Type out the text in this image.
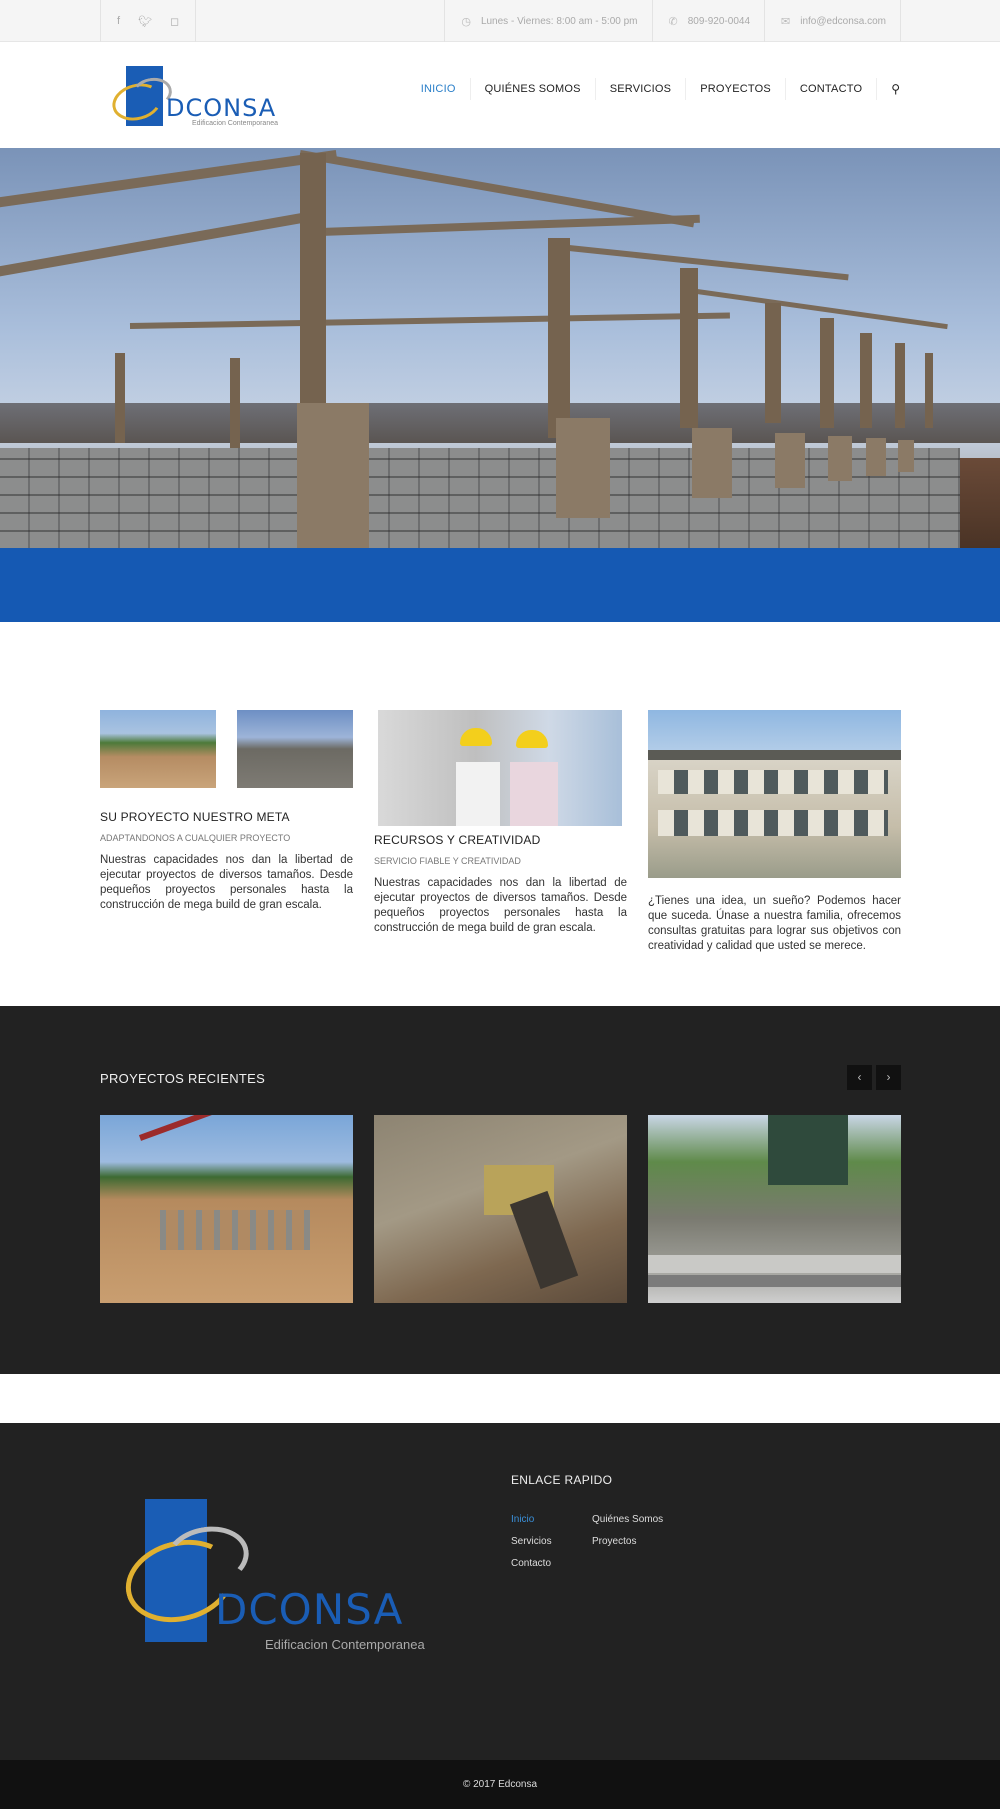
f 🐦︎ ◻	◷ Lunes - Viernes: 8:00 am - 5:00 pm	✆ 809-920-0044	✉ info@edconsa.com
DCONSA
Edificacion Contemporanea
INICIO	QUIÉNES SOMOS	SERVICIOS	PROYECTOS	CONTACTO	⚲
SU PROYECTO NUESTRO META
ADAPTANDONOS A CUALQUIER PROYECTO
Nuestras capacidades nos dan la libertad de ejecutar proyectos de diversos tamaños. Desde pequeños proyectos personales hasta la construcción de mega build de gran escala.
RECURSOS Y CREATIVIDAD
SERVICIO FIABLE Y CREATIVIDAD
Nuestras capacidades nos dan la libertad de ejecutar proyectos de diversos tamaños. Desde pequeños proyectos personales hasta la construcción de mega build de gran escala.
¿Tienes una idea, un sueño? Podemos hacer que suceda. Únase a nuestra familia, ofrecemos consultas gratuitas para lograr sus objetivos con creatividad y calidad que usted se merece.
PROYECTOS RECIENTES	‹	›
DCONSA
Edificacion Contemporanea
ENLACE RAPIDO
Inicio	Quiénes Somos
Servicios	Proyectos
Contacto
© 2017 Edconsa
